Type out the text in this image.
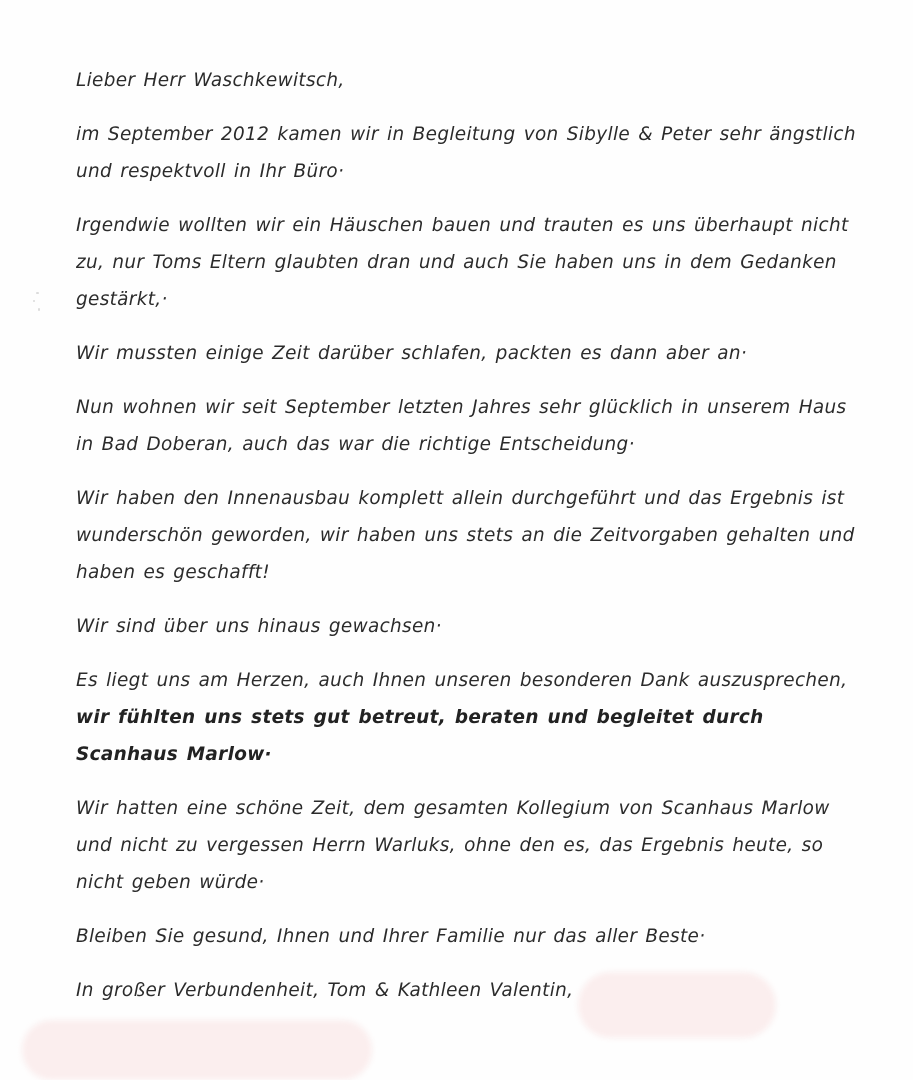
Lieber Herr Waschkewitsch,

im September 2012 kamen wir in Begleitung von Sibylle & Peter sehr ängstlich und respektvoll in Ihr Büro·

Irgendwie wollten wir ein Häuschen bauen und trauten es uns überhaupt nicht zu, nur Toms Eltern glaubten dran und auch Sie haben uns in dem Gedanken gestärkt,·

Wir mussten einige Zeit darüber schlafen, packten es dann aber an·

Nun wohnen wir seit September letzten Jahres sehr glücklich in unserem Haus in Bad Doberan, auch das war die richtige Entscheidung·

Wir haben den Innenausbau komplett allein durchgeführt und das Ergebnis ist wunderschön geworden, wir haben uns stets an die Zeitvorgaben gehalten und haben es geschafft!

Wir sind über uns hinaus gewachsen·

Es liegt uns am Herzen, auch Ihnen unseren besonderen Dank auszusprechen, wir fühlten uns stets gut betreut, beraten und begleitet durch Scanhaus Marlow·

Wir hatten eine schöne Zeit, dem gesamten Kollegium von Scanhaus Marlow und nicht zu vergessen Herrn Warluks, ohne den es, das Ergebnis heute, so nicht geben würde·

Bleiben Sie gesund, Ihnen und Ihrer Familie nur das aller Beste·

In großer Verbundenheit, Tom & Kathleen Valentin,
